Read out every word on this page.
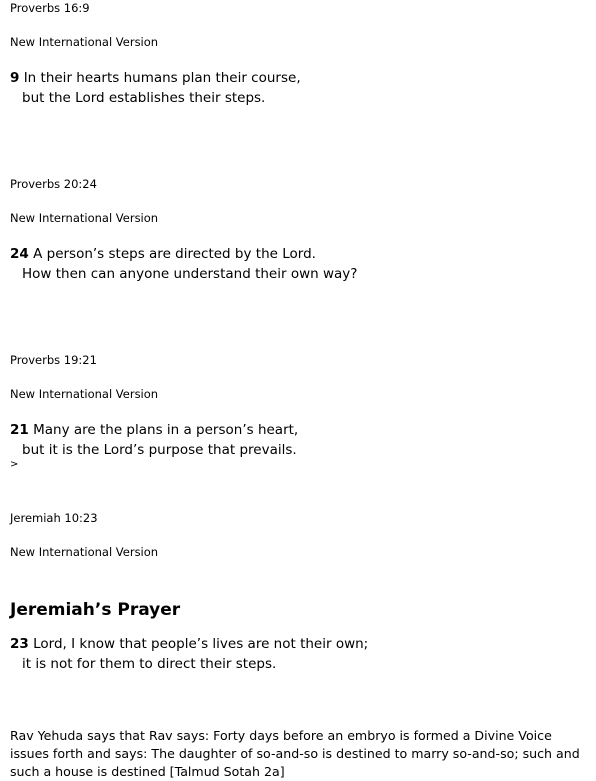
Proverbs 16:9
New International Version
9 In their hearts humans plan their course,
but the Lord establishes their steps.
Proverbs 20:24
New International Version
24 A person’s steps are directed by the Lord.
How then can anyone understand their own way?
Proverbs 19:21
New International Version
21 Many are the plans in a person’s heart,
but it is the Lord’s purpose that prevails.
>
Jeremiah 10:23
New International Version
Jeremiah’s Prayer
23 Lord, I know that people’s lives are not their own;
it is not for them to direct their steps.
Rav Yehuda says that Rav says: Forty days before an embryo is formed a Divine Voice issues forth and says: The daughter of so-and-so is destined to marry so-and-so; such and such a house is destined [Talmud Sotah 2a]
